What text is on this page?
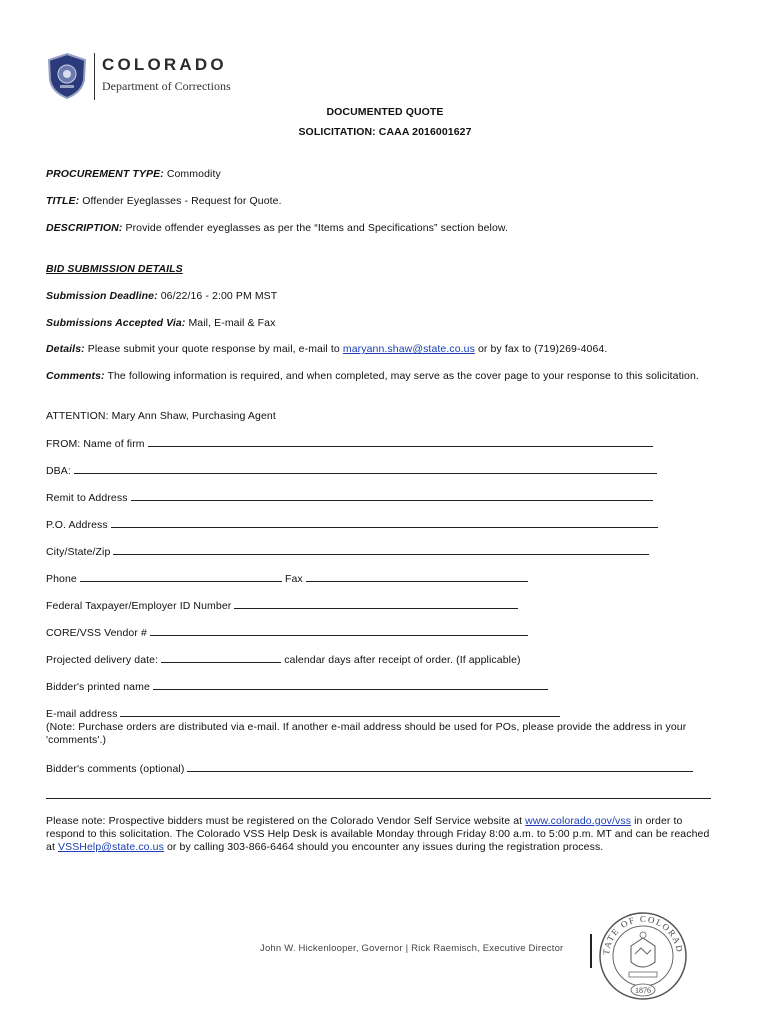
COLORADO
Department of Corrections
DOCUMENTED QUOTE
SOLICITATION: CAAA 2016001627
PROCUREMENT TYPE: Commodity
TITLE: Offender Eyeglasses - Request for Quote.
DESCRIPTION: Provide offender eyeglasses as per the “Items and Specifications” section below.
BID SUBMISSION DETAILS
Submission Deadline: 06/22/16 - 2:00 PM MST
Submissions Accepted Via: Mail, E-mail & Fax
Details: Please submit your quote response by mail, e-mail to maryann.shaw@state.co.us or by fax to (719)269-4064.
Comments: The following information is required, and when completed, may serve as the cover page to your response to this solicitation.
ATTENTION: Mary Ann Shaw, Purchasing Agent
FROM: Name of firm
DBA:
Remit to Address
P.O. Address
City/State/Zip
Phone	Fax
Federal Taxpayer/Employer ID Number
CORE/VSS Vendor #
Projected delivery date:	calendar days after receipt of order. (If applicable)
Bidder's printed name
E-mail address
(Note: Purchase orders are distributed via e-mail. If another e-mail address should be used for POs, please provide the address in your 'comments'.)
Bidder's comments (optional)
Please note: Prospective bidders must be registered on the Colorado Vendor Self Service website at www.colorado.gov/vss in order to respond to this solicitation. The Colorado VSS Help Desk is available Monday through Friday 8:00 a.m. to 5:00 p.m. MT and can be reached at VSSHelp@state.co.us or by calling 303-866-6464 should you encounter any issues during the registration process.
John W. Hickenlooper, Governor | Rick Raemisch, Executive Director	TATE OF COLORAD
1876
